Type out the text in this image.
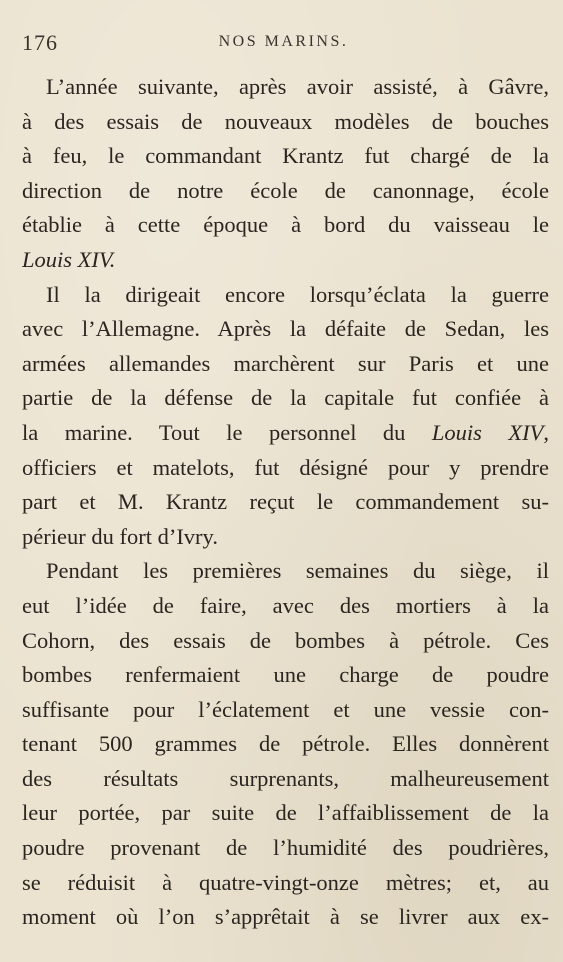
176	NOS MARINS.
L’année suivante, après avoir assisté, à Gâvre,
à des essais de nouveaux modèles de bouches
à feu, le commandant Krantz fut chargé de la
direction de notre école de canonnage, école
établie à cette époque à bord du vaisseau le
Louis XIV.
Il la dirigeait encore lorsqu’éclata la guerre
avec l’Allemagne. Après la défaite de Sedan, les
armées allemandes marchèrent sur Paris et une
partie de la défense de la capitale fut confiée à
la marine. Tout le personnel du Louis XIV,
officiers et matelots, fut désigné pour y prendre
part et M. Krantz reçut le commandement su-
périeur du fort d’Ivry.
Pendant les premières semaines du siège, il
eut l’idée de faire, avec des mortiers à la
Cohorn, des essais de bombes à pétrole. Ces
bombes renfermaient une charge de poudre
suffisante pour l’éclatement et une vessie con-
tenant 500 grammes de pétrole. Elles donnèrent
des résultats surprenants, malheureusement
leur portée, par suite de l’affaiblissement de la
poudre provenant de l’humidité des poudrières,
se réduisit à quatre-vingt-onze mètres; et, au
moment où l’on s’apprêtait à se livrer aux ex-
